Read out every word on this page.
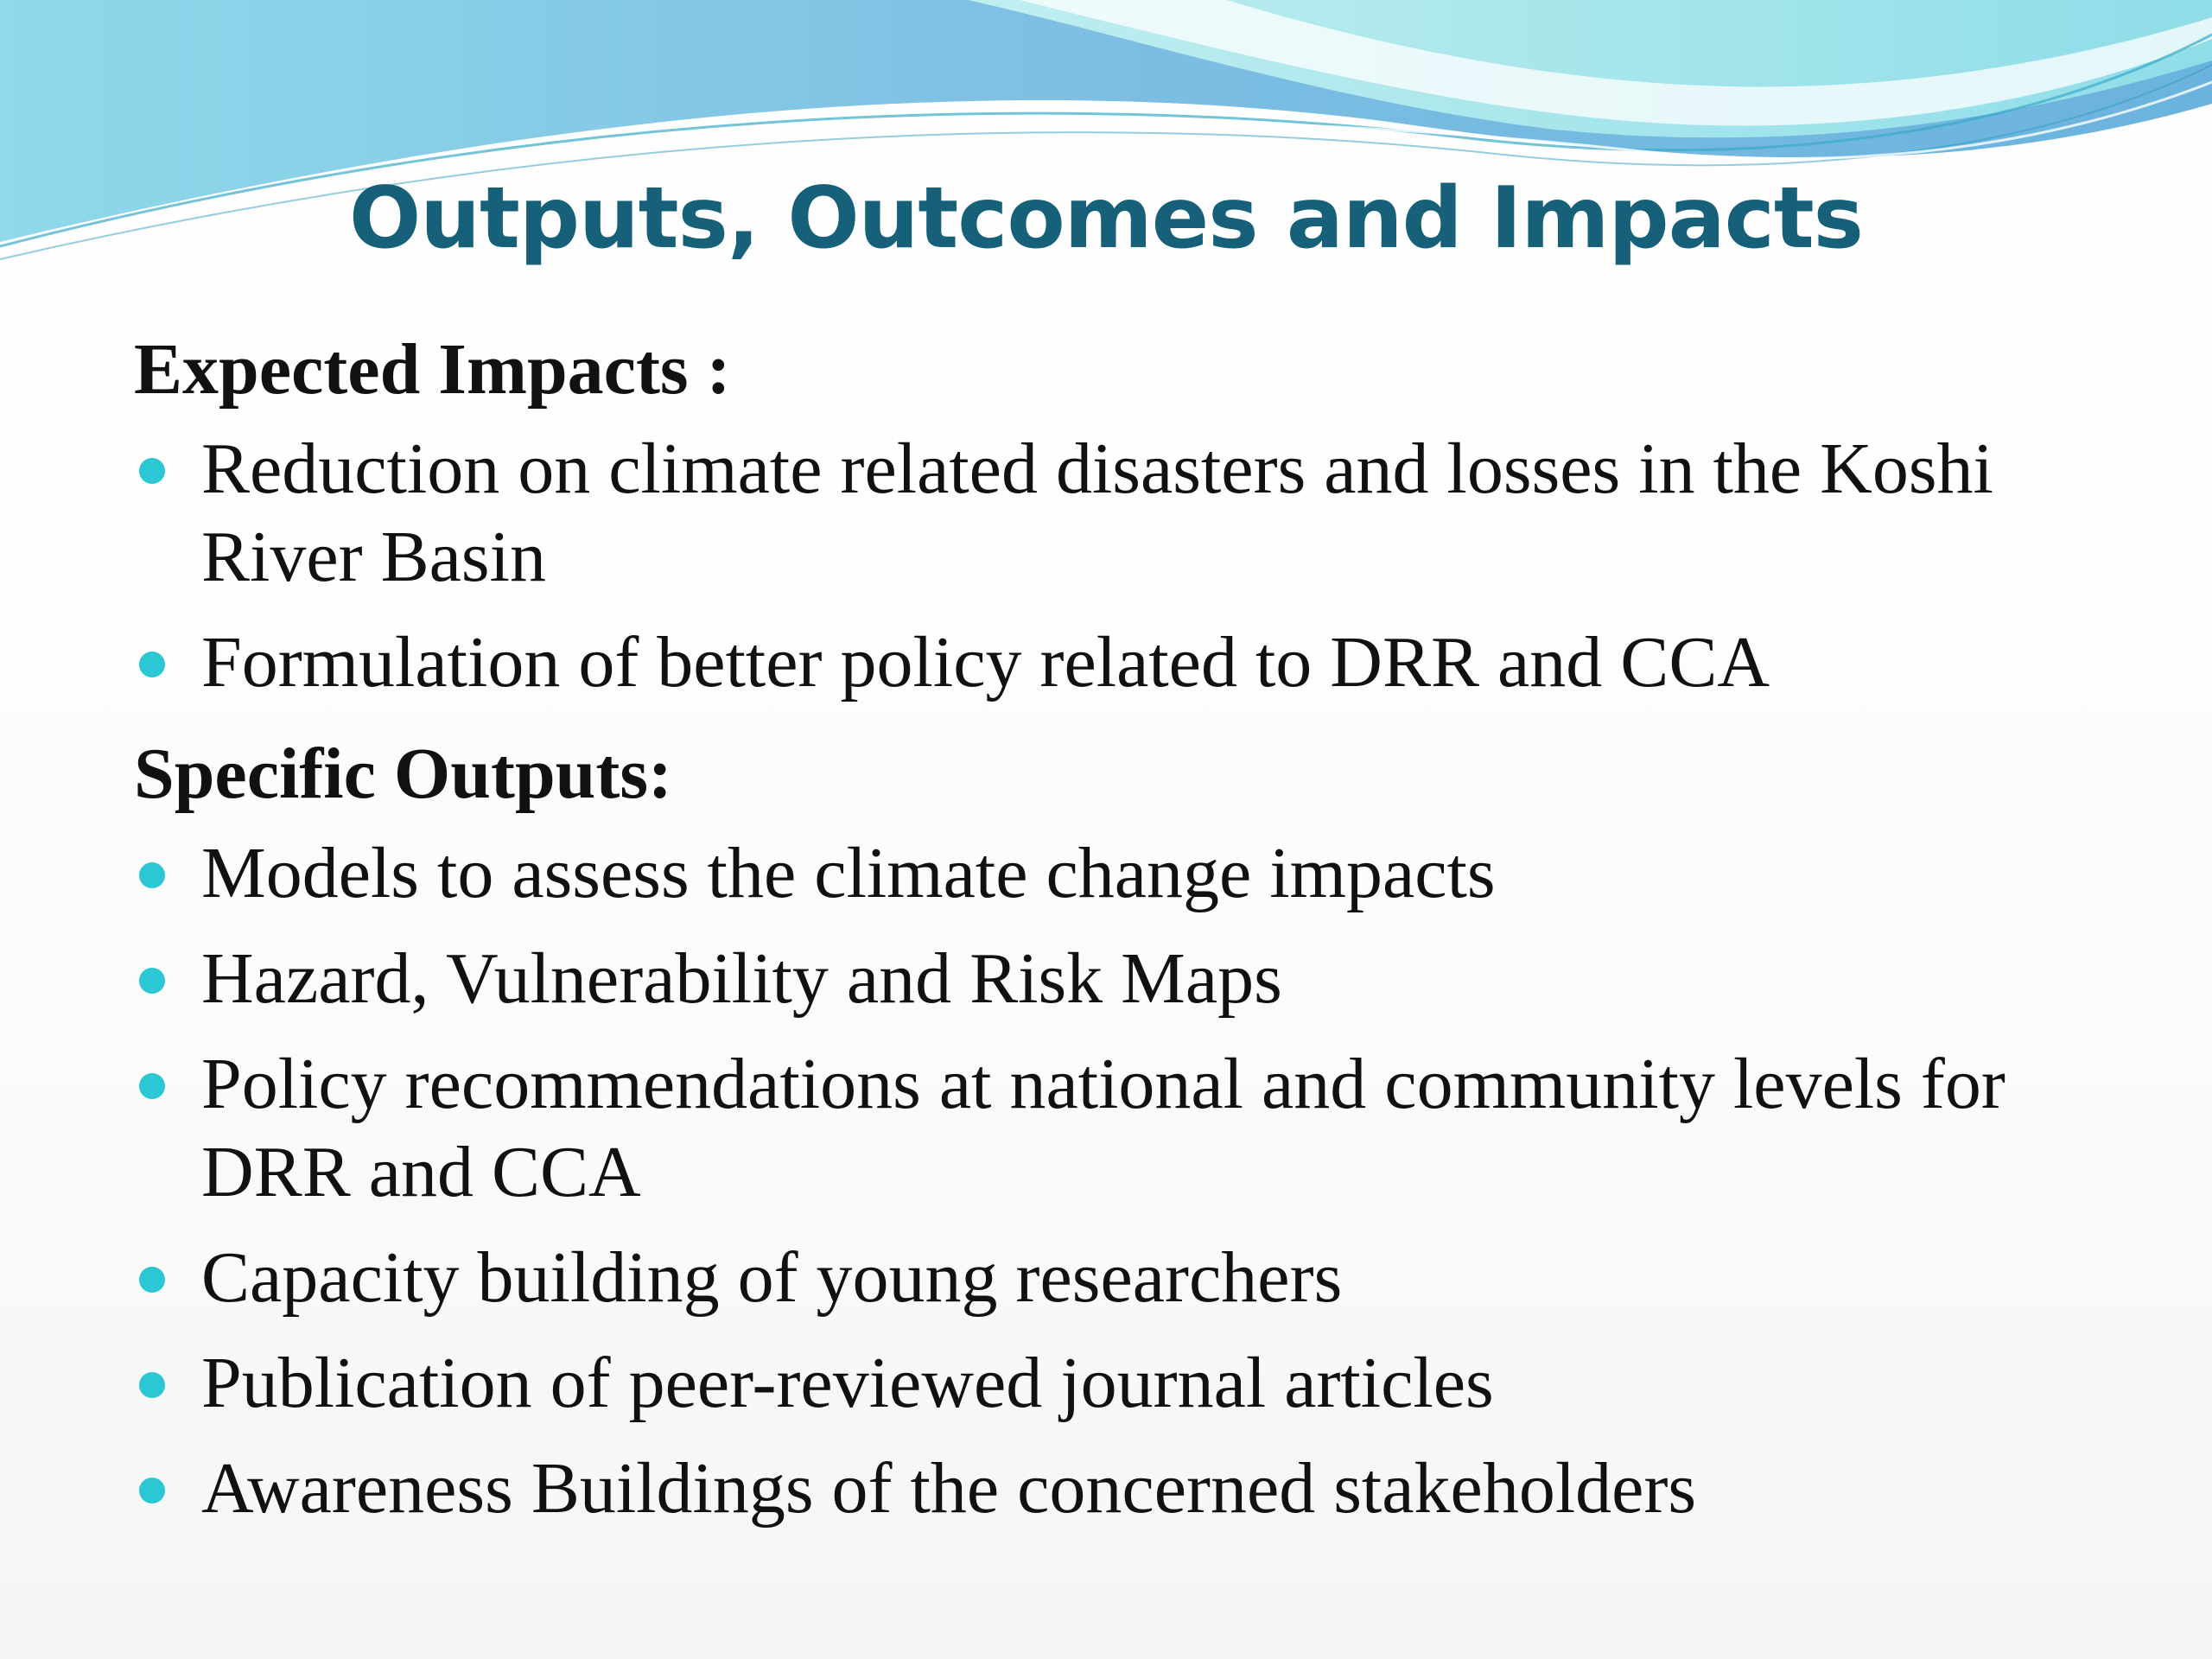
Outputs, Outcomes and Impacts
Expected Impacts :
Reduction on climate related disasters and losses in the Koshi River Basin
Formulation of better policy related to DRR and CCA
Specific Outputs:
Models to assess the climate change impacts
Hazard, Vulnerability and Risk Maps
Policy recommendations at national and community levels for DRR and CCA
Capacity building of young researchers
Publication of peer-reviewed journal articles
Awareness Buildings of the concerned stakeholders
